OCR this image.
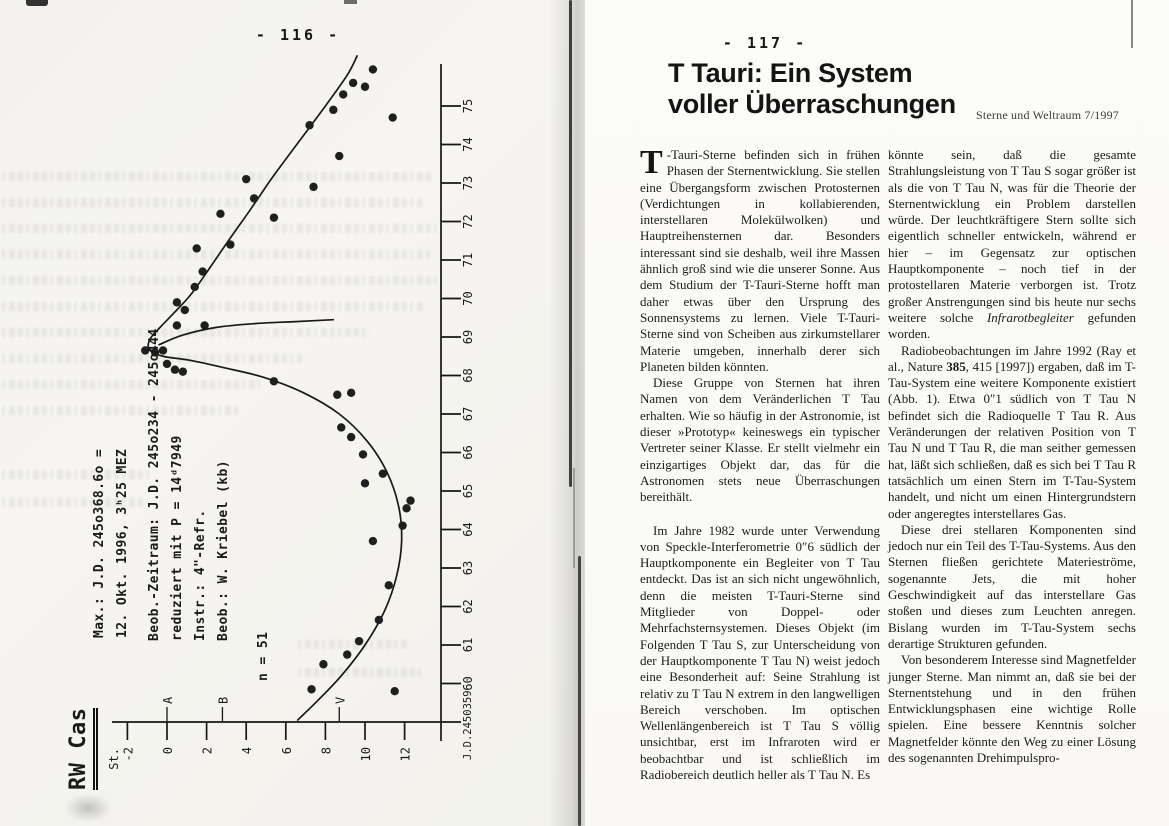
- 116 -
60
61
62
63
64
65
66
67
68
69
70
71
72
73
74
75
J.D.2450359
-2 0 2 4 6 8 10 12
St.
A	B	V
Max.: J.D. 245o368.6o = 12. Okt. 1996, 3ʰ25 MEZ Beob.-Zeitraum: J.D. 245o234 - 245o444 reduziert mit P = 14ᵈ7949 Instr.: 4"-Refr. Beob.: W. Kriebel (kb)
n = 51
RW Cas
- 117 -
T Tauri: Ein System
voller Überraschungen Sterne und Weltraum 7/1997

T -Tauri-Sterne befinden sich in frühen Phasen der Sternentwicklung. Sie stellen eine Übergangsform zwischen Protosternen (Verdichtungen in kollabierenden, interstellaren Molekülwolken) und Hauptreihensternen dar. Besonders interessant sind sie deshalb, weil ihre Massen ähnlich groß sind wie die unserer Sonne. Aus dem Studium der T-Tauri-Sterne hofft man daher etwas über den Ursprung des Sonnensystems zu lernen. Viele T-Tauri-Sterne sind von Scheiben aus zirkumstellarer Materie umgeben, innerhalb derer sich Planeten bilden könnten.

Diese Gruppe von Sternen hat ihren Namen von dem Veränderlichen T Tau erhalten. Wie so häufig in der Astronomie, ist dieser »Prototyp« keineswegs ein typischer Vertreter seiner Klasse. Er stellt vielmehr ein einzigartiges Objekt dar, das für die Astronomen stets neue Überraschungen bereithält.

Im Jahre 1982 wurde unter Verwendung von Speckle-Interferometrie 0″6 südlich der Hauptkomponente ein Begleiter von T Tau entdeckt. Das ist an sich nicht ungewöhnlich, denn die meisten T-Tauri-Sterne sind Mitglieder von Doppel- oder Mehrfachsternsystemen. Dieses Objekt (im Folgenden T Tau S, zur Unterscheidung von der Hauptkomponente T Tau N) weist jedoch eine Besonderheit auf: Seine Strahlung ist relativ zu T Tau N extrem in den langwelligen Bereich verschoben. Im optischen Wellenlängenbereich ist T Tau S völlig unsichtbar, erst im Infraroten wird er beobachtbar und ist schließlich im Radiobereich deutlich heller als T Tau N. Es

könnte sein, daß die gesamte Strahlungsleistung von T Tau S sogar größer ist als die von T Tau N, was für die Theorie der Sternentwicklung ein Problem darstellen würde. Der leuchtkräftigere Stern sollte sich eigentlich schneller entwickeln, während er hier – im Gegensatz zur optischen Hauptkomponente – noch tief in der protostellaren Materie verborgen ist. Trotz großer Anstrengungen sind bis heute nur sechs weitere solche Infrarotbegleiter gefunden worden.

Radiobeobachtungen im Jahre 1992 (Ray et al., Nature 385, 415 [1997]) ergaben, daß im T-Tau-System eine weitere Komponente existiert (Abb. 1). Etwa 0″1 südlich von T Tau N befindet sich die Radioquelle T Tau R. Aus Veränderungen der relativen Position von T Tau N und T Tau R, die man seither gemessen hat, läßt sich schließen, daß es sich bei T Tau R tatsächlich um einen Stern im T-Tau-System handelt, und nicht um einen Hintergrundstern oder angeregtes interstellares Gas.

Diese drei stellaren Komponenten sind jedoch nur ein Teil des T-Tau-Systems. Aus den Sternen fließen gerichtete Materieströme, sogenannte Jets, die mit hoher Geschwindigkeit auf das interstellare Gas stoßen und dieses zum Leuchten anregen. Bislang wurden im T-Tau-System sechs derartige Strukturen gefunden.

Von besonderem Interesse sind Magnetfelder junger Sterne. Man nimmt an, daß sie bei der Sternentstehung und in den frühen Entwicklungsphasen eine wichtige Rolle spielen. Eine bessere Kenntnis solcher Magnetfelder könnte den Weg zu einer Lösung des sogenannten Drehimpulspro-
